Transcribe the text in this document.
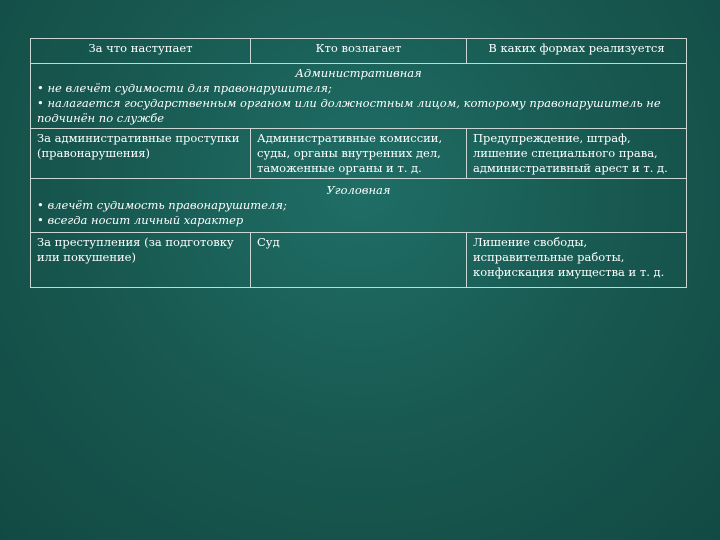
За что наступает	Кто возлагает	В каких формах реализуется

Административная
• не влечёт судимости для правонарушителя;
• налагается государственным органом или должностным лицом, которому правонарушитель не подчинён по службе		

За административные проступки (правонарушения)	Административные комиссии, суды, органы внутренних дел, таможенные органы и т. д.	Предупреждение, штраф, лишение специального права, административный арест и т. д.

Уголовная
• влечёт судимость правонарушителя;
• всегда носит личный характер		

За преступления (за подготовку или покушение)	Суд	Лишение свободы, исправительные работы, конфискация имущества и т. д.
